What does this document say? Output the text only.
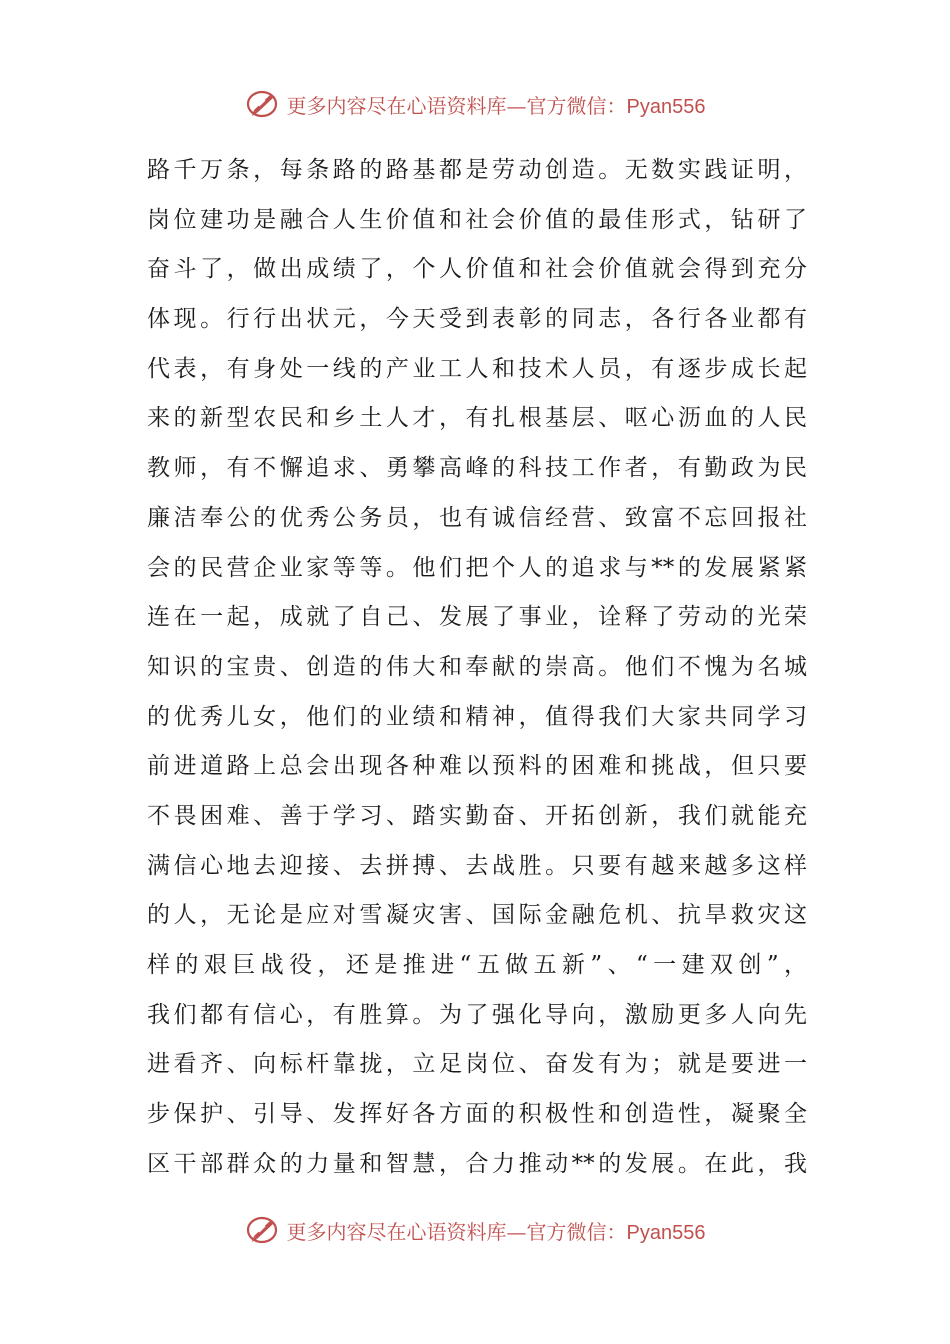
更多内容尽在心语资料库—官方微信：Pyan556
路千万条，每条路的路基都是劳动创造。无数实践证明，
岗位建功是融合人生价值和社会价值的最佳形式，钻研了
奋斗了，做出成绩了，个人价值和社会价值就会得到充分
体现。行行出状元，今天受到表彰的同志，各行各业都有
代表，有身处一线的产业工人和技术人员，有逐步成长起
来的新型农民和乡土人才，有扎根基层、呕心沥血的人民
教师，有不懈追求、勇攀高峰的科技工作者，有勤政为民
廉洁奉公的优秀公务员，也有诚信经营、致富不忘回报社
会的民营企业家等等。他们把个人的追求与**的发展紧紧
连在一起，成就了自己、发展了事业，诠释了劳动的光荣
知识的宝贵、创造的伟大和奉献的崇高。他们不愧为名城
的优秀儿女，他们的业绩和精神，值得我们大家共同学习
前进道路上总会出现各种难以预料的困难和挑战，但只要
不畏困难、善于学习、踏实勤奋、开拓创新，我们就能充
满信心地去迎接、去拼搏、去战胜。只要有越来越多这样
的人，无论是应对雪凝灾害、国际金融危机、抗旱救灾这
样的艰巨战役，还是推进“五做五新”、“一建双创”，
我们都有信心，有胜算。为了强化导向，激励更多人向先
进看齐、向标杆靠拢，立足岗位、奋发有为；就是要进一
步保护、引导、发挥好各方面的积极性和创造性，凝聚全
区干部群众的力量和智慧，合力推动**的发展。在此，我
更多内容尽在心语资料库—官方微信：Pyan556
